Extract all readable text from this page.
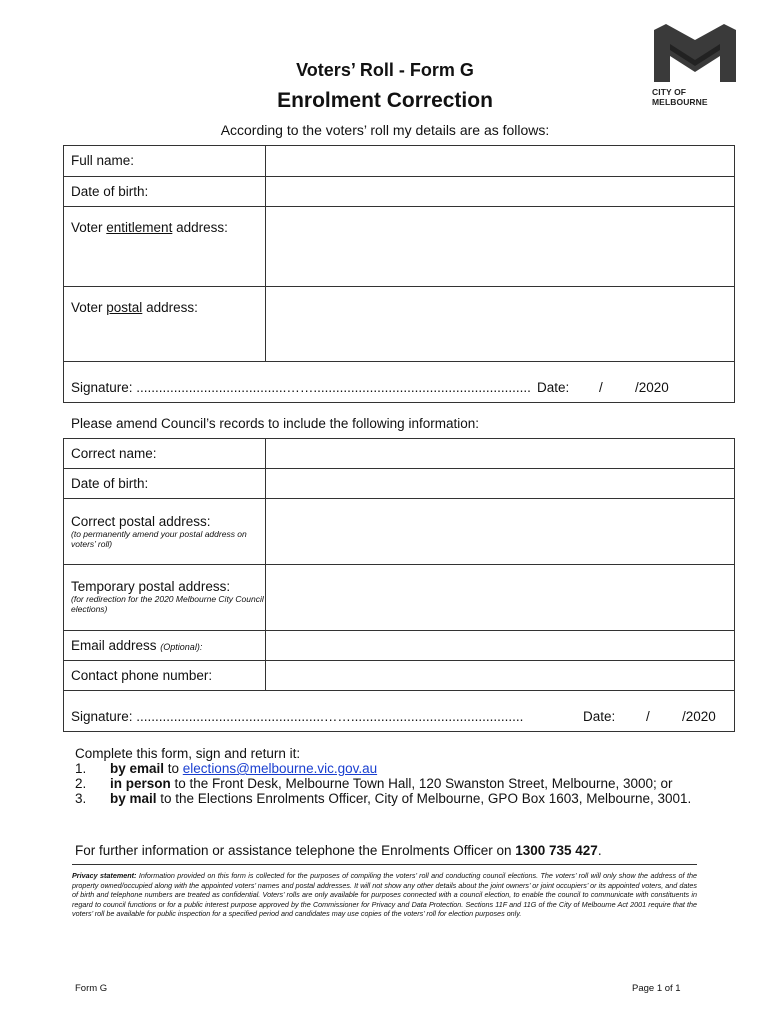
Voters’ Roll - Form G
Enrolment Correction
According to the voters’ roll my details are as follows:
CITY OF MELBOURNE
Full name:	

Date of birth:	

Voter entitlement address:	

Voter postal address:	

Signature: ........................................…….......................................................... Date: / /2020	
Please amend Council’s records to include the following information:
Correct name:	

Date of birth:	

Correct postal address:
(to permanently amend your postal address on voters’ roll)	

Temporary postal address:
(for redirection for the 2020 Melbourne City Council elections)	

Email address (Optional):	

Contact phone number:	

Signature: ..................................................…….............................................. Date: / /2020	
Complete this form, sign and return it:
1. by email to elections@melbourne.vic.gov.au
2. in person to the Front Desk, Melbourne Town Hall, 120 Swanston Street, Melbourne, 3000; or
3. by mail to the Elections Enrolments Officer, City of Melbourne, GPO Box 1603, Melbourne, 3001.
For further information or assistance telephone the Enrolments Officer on 1300 735 427.
Privacy statement: Information provided on this form is collected for the purposes of compiling the voters’ roll and conducting council elections. The voters’ roll will only show the address of the property owned/occupied along with the appointed voters’ names and postal addresses. It will not show any other details about the joint owners’ or joint occupiers’ or its appointed voters, and dates of birth and telephone numbers are treated as confidential. Voters’ rolls are only available for purposes connected with a council election, to enable the council to communicate with constituents in regard to council functions or for a public interest purpose approved by the Commissioner for Privacy and Data Protection. Sections 11F and 11G of the City of Melbourne Act 2001 require that the voters’ roll be available for public inspection for a specified period and candidates may use copies of the voters’ roll for election purposes only.
Form G	Page 1 of 1
